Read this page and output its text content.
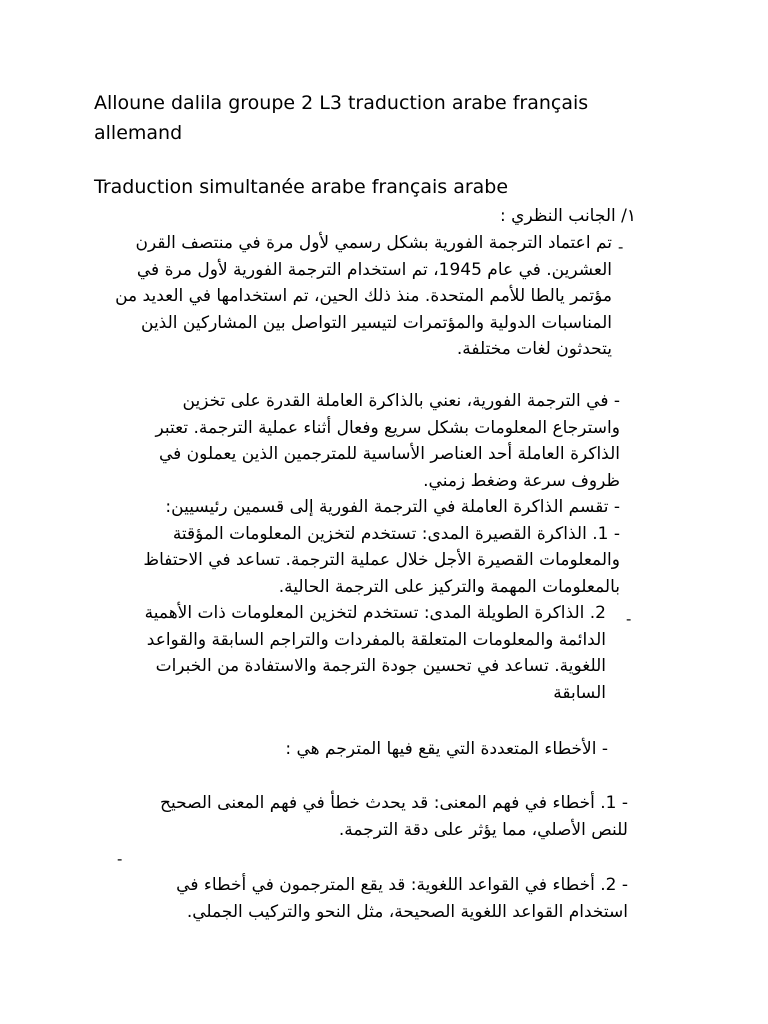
Alloune dalila groupe 2 L3 traduction arabe français
allemand
Traduction simultanée arabe français arabe
١/ الجانب النظري :
-
تم اعتماد الترجمة الفورية بشكل رسمي لأول مرة في منتصف القرن
العشرين. في عام 1945، تم استخدام الترجمة الفورية لأول مرة في
مؤتمر يالطا للأمم المتحدة. منذ ذلك الحين، تم استخدامها في العديد من
المناسبات الدولية والمؤتمرات لتيسير التواصل بين المشاركين الذين
يتحدثون لغات مختلفة.
- في الترجمة الفورية، نعني بالذاكرة العاملة القدرة على تخزين
واسترجاع المعلومات بشكل سريع وفعال أثناء عملية الترجمة. تعتبر
الذاكرة العاملة أحد العناصر الأساسية للمترجمين الذين يعملون في
ظروف سرعة وضغط زمني.
- تقسم الذاكرة العاملة في الترجمة الفورية إلى قسمين رئيسيين:
- 1. الذاكرة القصيرة المدى: تستخدم لتخزين المعلومات المؤقتة
والمعلومات القصيرة الأجل خلال عملية الترجمة. تساعد في الاحتفاظ
بالمعلومات المهمة والتركيز على الترجمة الحالية.
-
2. الذاكرة الطويلة المدى: تستخدم لتخزين المعلومات ذات الأهمية
الدائمة والمعلومات المتعلقة بالمفردات والتراجم السابقة والقواعد
اللغوية. تساعد في تحسين جودة الترجمة والاستفادة من الخبرات
السابقة
- الأخطاء المتعددة التي يقع فيها المترجم هي :
- 1. أخطاء في فهم المعنى: قد يحدث خطأ في فهم المعنى الصحيح
للنص الأصلي، مما يؤثر على دقة الترجمة.
-
- 2. أخطاء في القواعد اللغوية: قد يقع المترجمون في أخطاء في
استخدام القواعد اللغوية الصحيحة، مثل النحو والتركيب الجملي.
